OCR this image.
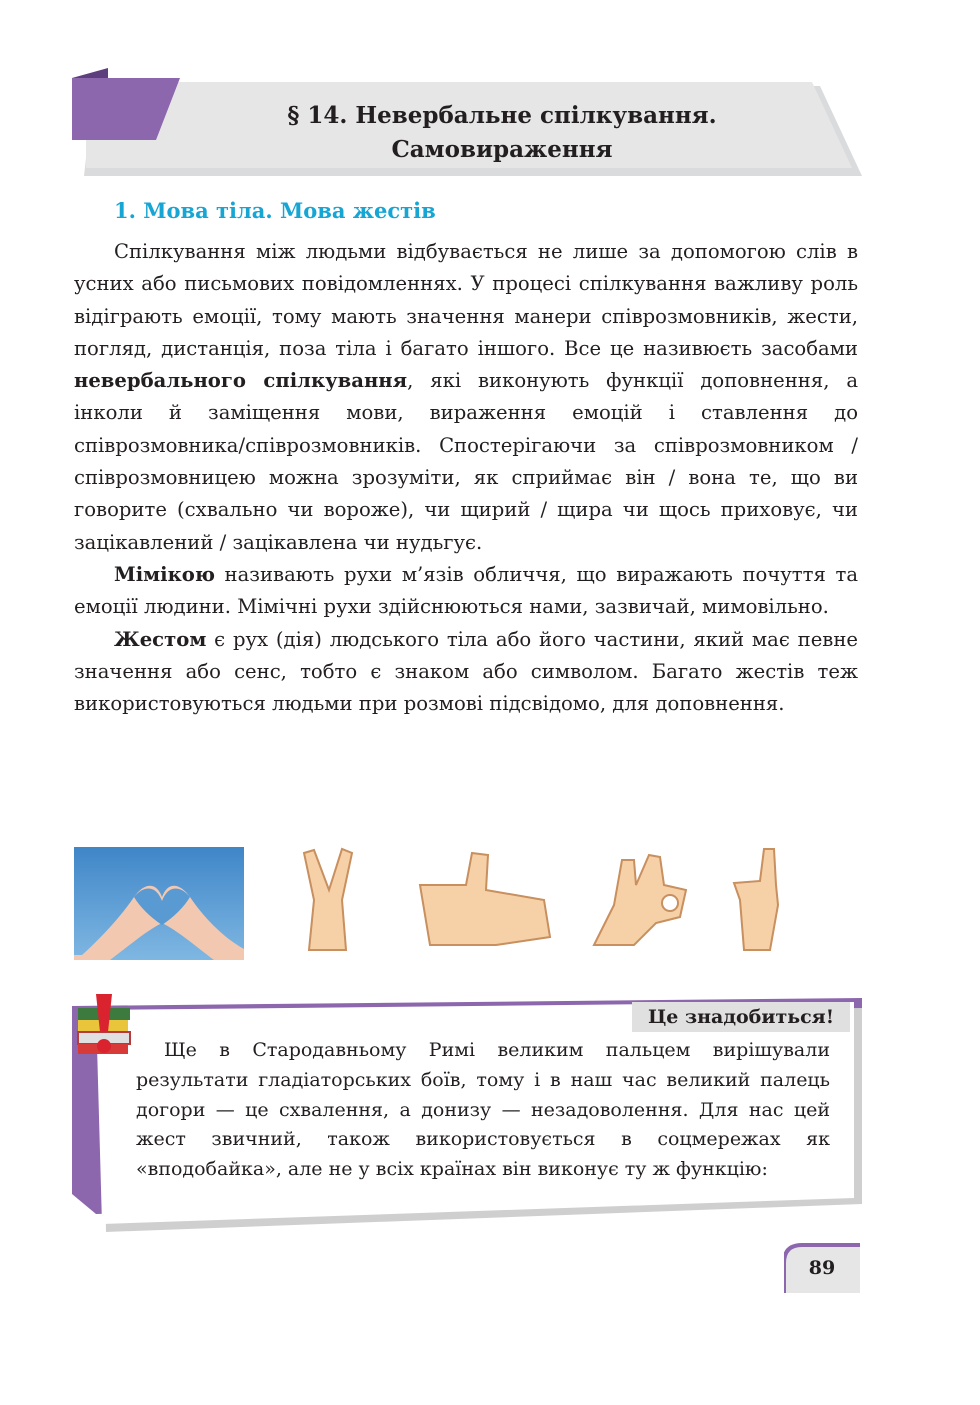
§ 14. Невербальне спілкування.
Самовираження
1. Мова тіла. Мова жестів

Спілкування між людьми відбувається не лише за допомогою слів в усних або письмових повідомленнях. У процесі спілкування важливу роль відіграють емоції, тому мають значення манери співрозмовників, жести, погляд, дистанція, поза тіла і багато іншого. Все це називюєть засобами невербального спілкування, які виконують функції доповнення, а інколи й заміщення мови, вираження емоцій і ставлення до співрозмовника/співрозмовників. Спостерігаючи за співрозмовником / співрозмовницею можна зрозуміти, як сприймає він / вона те, що ви говорите (схвально чи вороже), чи щирий / щира чи щось приховує, чи зацікавлений / зацікавлена чи нудьгує.

Мімікою називають рухи м’язів обличчя, що виражають почуття та емоції людини. Мімічні рухи здійснюються нами, зазвичай, мимовільно.

Жестом є рух (дія) людського тіла або його частини, який має певне значення або сенс, тобто є знаком або символом. Багато жестів теж використовуються людьми при розмові підсвідомо, для доповнення.

Це знадобиться!

Ще в Стародавньому Римі великим пальцем вирішували результати гладіаторських боїв, тому і в наш час великий палець догори — це схвалення, а донизу — незадоволення. Для нас цей жест звичний, також використовується в соцмережах як «вподобайка», але не у всіх країнах він виконує ту ж функцію:

89
